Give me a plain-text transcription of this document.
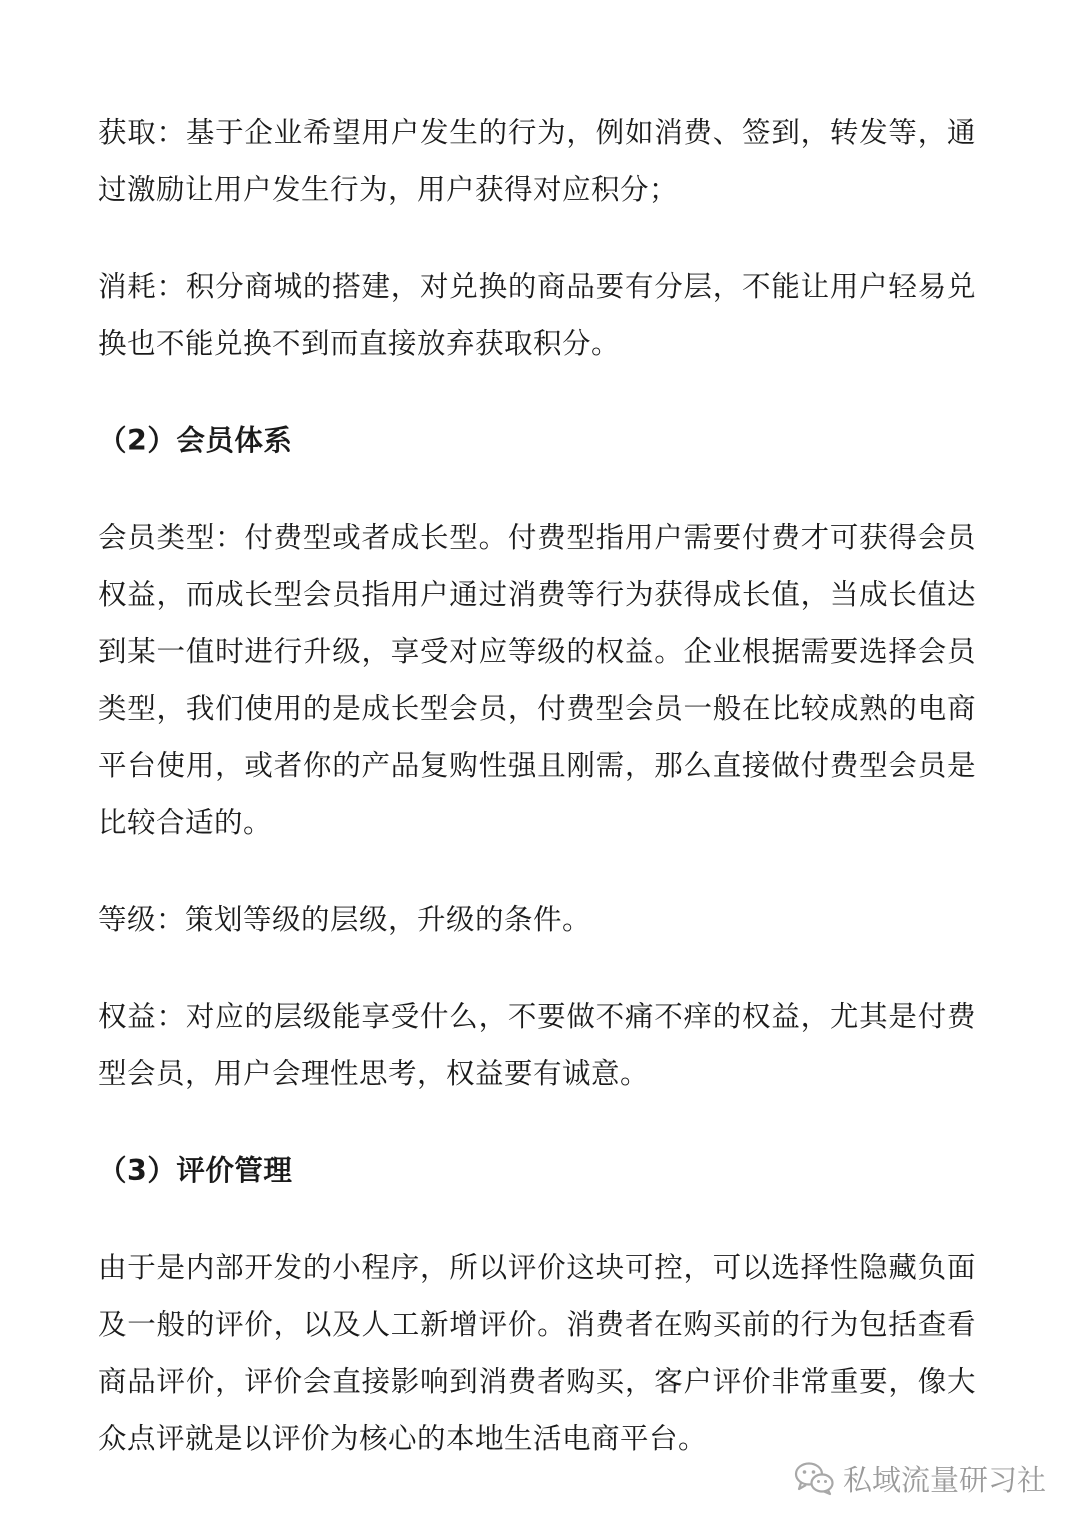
获取：基于企业希望用户发生的行为，例如消费、签到，转发等，通过激励让用户发生行为，用户获得对应积分；

消耗：积分商城的搭建，对兑换的商品要有分层，不能让用户轻易兑换也不能兑换不到而直接放弃获取积分。

（2）会员体系

会员类型：付费型或者成长型。付费型指用户需要付费才可获得会员权益，而成长型会员指用户通过消费等行为获得成长值，当成长值达到某一值时进行升级，享受对应等级的权益。企业根据需要选择会员类型，我们使用的是成长型会员，付费型会员一般在比较成熟的电商平台使用，或者你的产品复购性强且刚需，那么直接做付费型会员是比较合适的。

等级：策划等级的层级，升级的条件。

权益：对应的层级能享受什么，不要做不痛不痒的权益，尤其是付费型会员，用户会理性思考，权益要有诚意。

（3）评价管理

由于是内部开发的小程序，所以评价这块可控，可以选择性隐藏负面及一般的评价，以及人工新增评价。消费者在购买前的行为包括查看商品评价，评价会直接影响到消费者购买，客户评价非常重要，像大众点评就是以评价为核心的本地生活电商平台。

私域流量研习社
